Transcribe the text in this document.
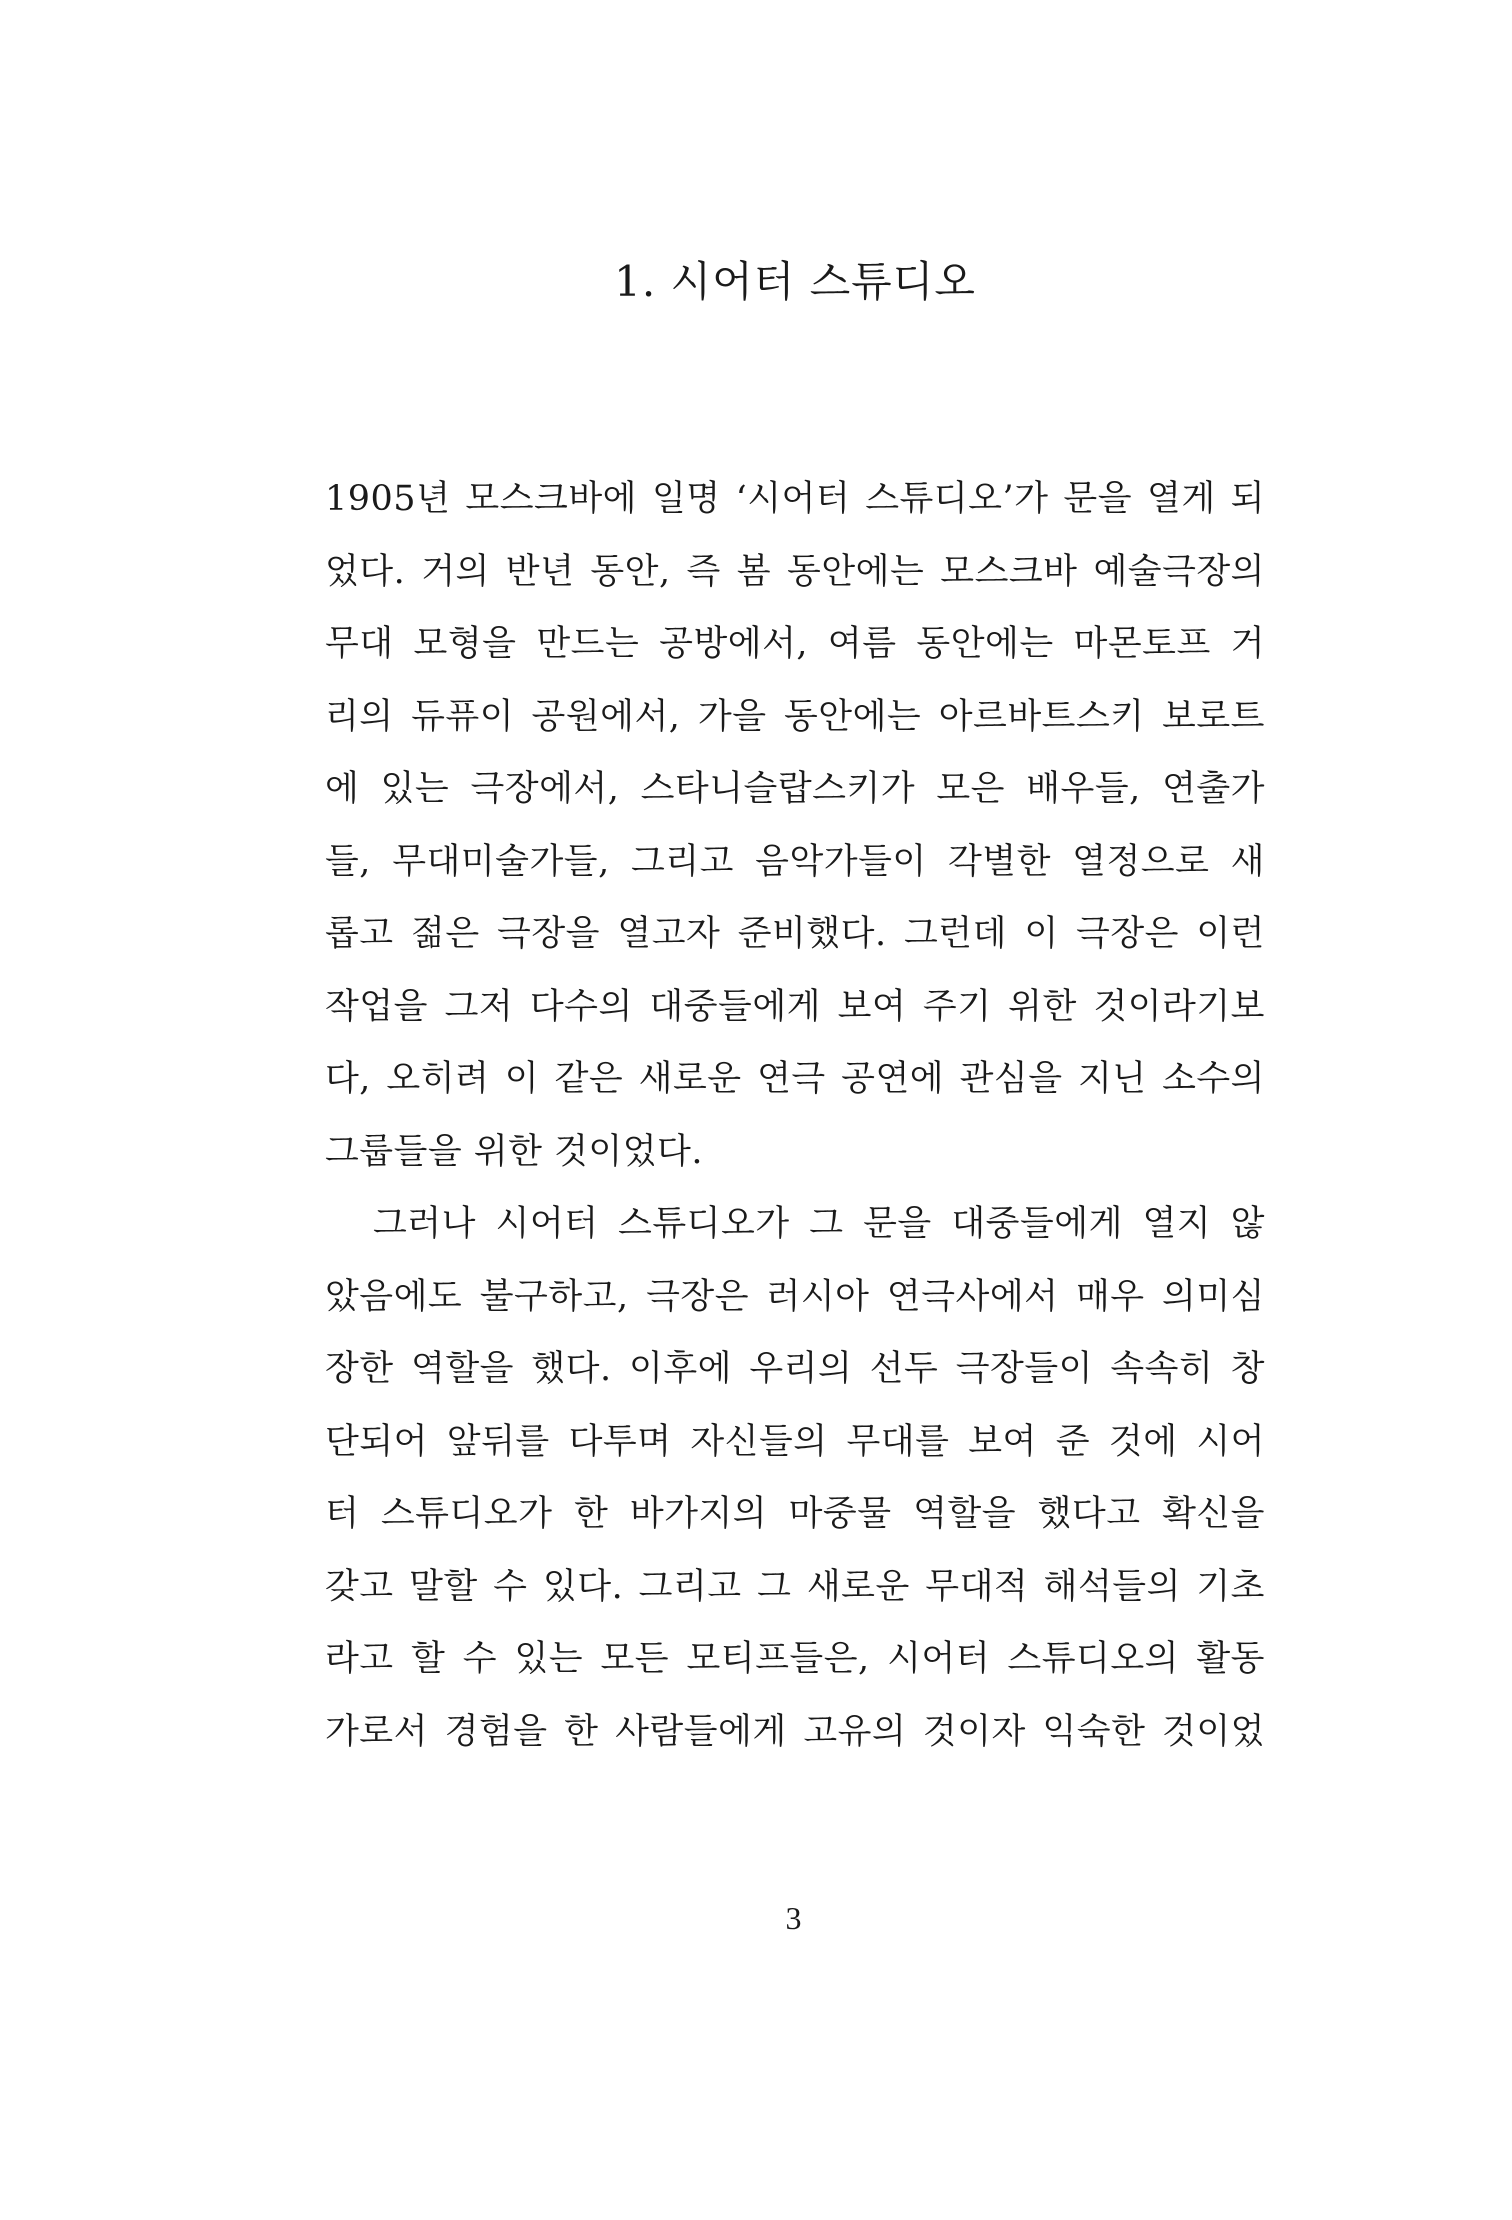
1. 시어터 스튜디오
1905년 모스크바에 일명 ‘시어터 스튜디오’가 문을 열게 되
었다. 거의 반년 동안, 즉 봄 동안에는 모스크바 예술극장의
무대 모형을 만드는 공방에서, 여름 동안에는 마몬토프 거
리의 듀퓨이 공원에서, 가을 동안에는 아르바트스키 보로트
에 있는 극장에서, 스타니슬랍스키가 모은 배우들, 연출가
들, 무대미술가들, 그리고 음악가들이 각별한 열정으로 새
롭고 젊은 극장을 열고자 준비했다. 그런데 이 극장은 이런
작업을 그저 다수의 대중들에게 보여 주기 위한 것이라기보
다, 오히려 이 같은 새로운 연극 공연에 관심을 지닌 소수의
그룹들을 위한 것이었다.
그러나 시어터 스튜디오가 그 문을 대중들에게 열지 않
았음에도 불구하고, 극장은 러시아 연극사에서 매우 의미심
장한 역할을 했다. 이후에 우리의 선두 극장들이 속속히 창
단되어 앞뒤를 다투며 자신들의 무대를 보여 준 것에 시어
터 스튜디오가 한 바가지의 마중물 역할을 했다고 확신을
갖고 말할 수 있다. 그리고 그 새로운 무대적 해석들의 기초
라고 할 수 있는 모든 모티프들은, 시어터 스튜디오의 활동
가로서 경험을 한 사람들에게 고유의 것이자 익숙한 것이었
3
